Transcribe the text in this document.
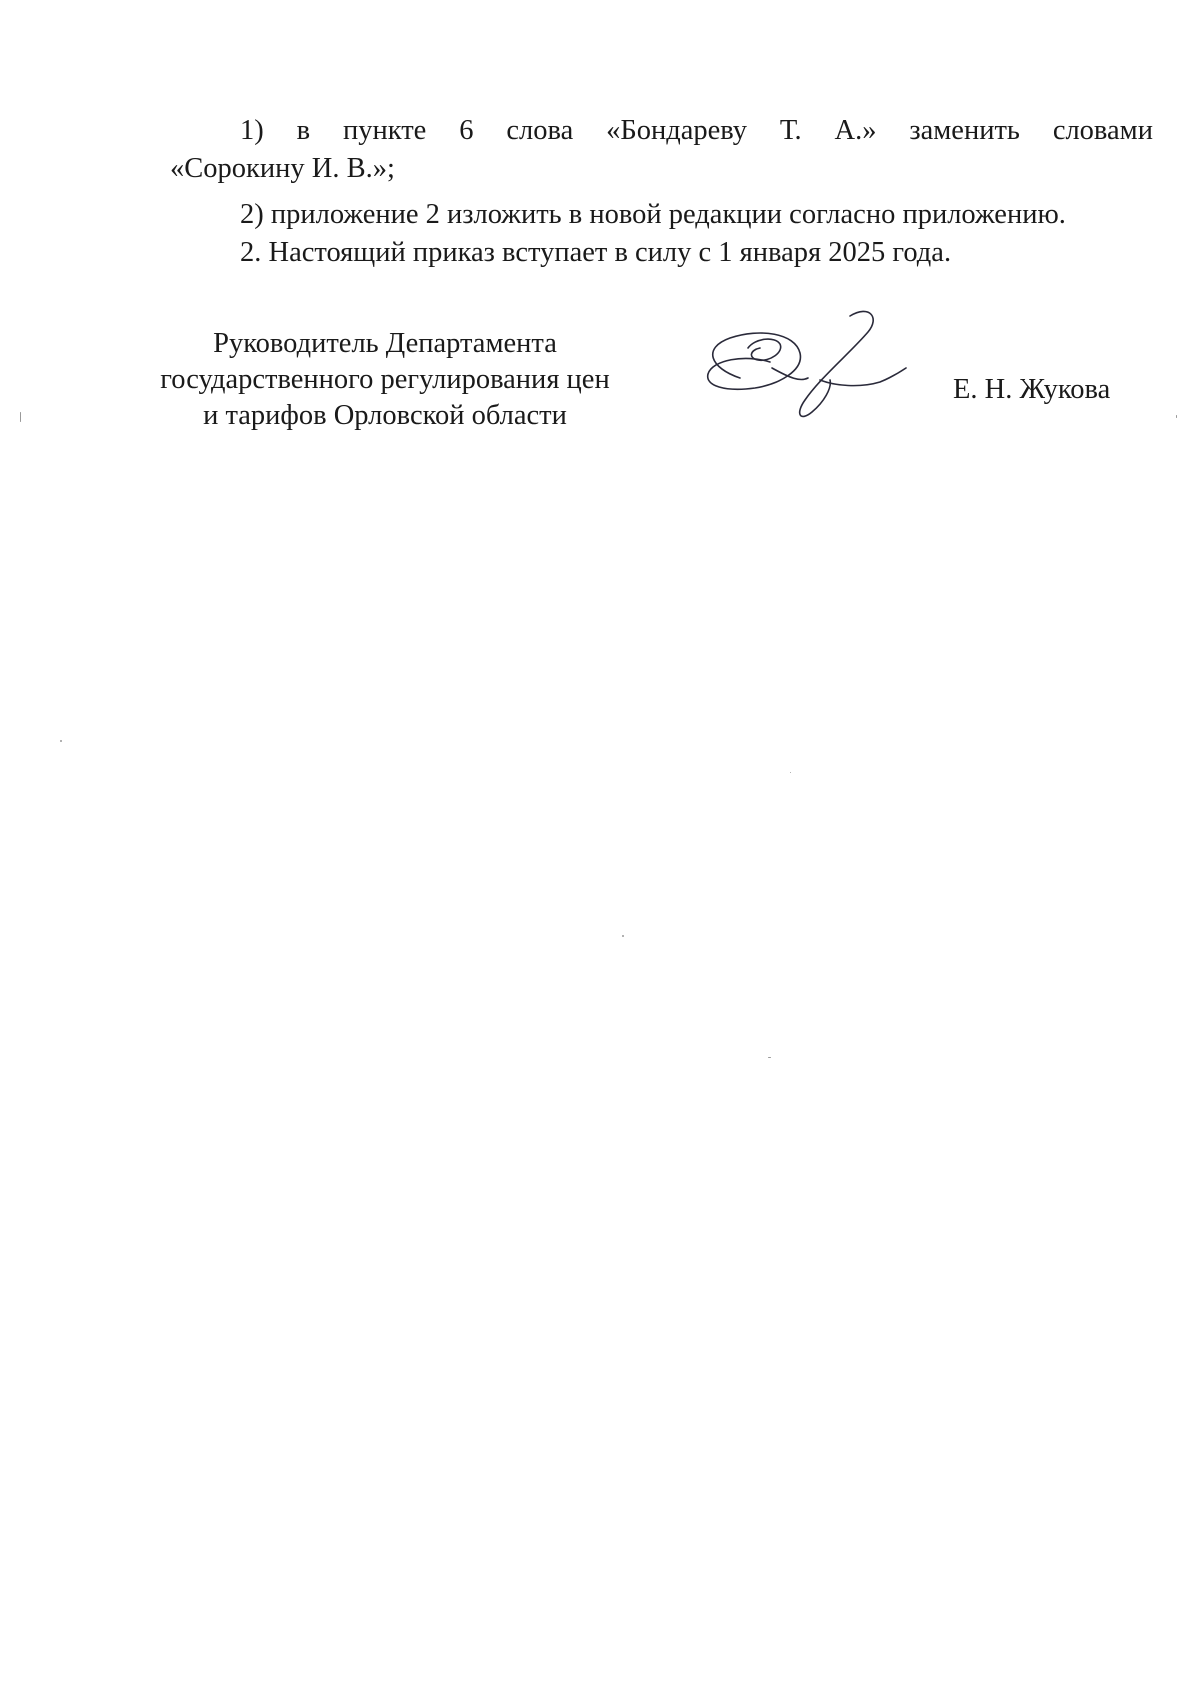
1) в пункте 6 слова «Бондареву Т. А.» заменить словами
«Сорокину И. В.»;
2) приложение 2 изложить в новой редакции согласно приложению.
2. Настоящий приказ вступает в силу с 1 января 2025 года.
Руководитель Департамента
государственного регулирования цен
и тарифов Орловской области
Е. Н. Жукова
